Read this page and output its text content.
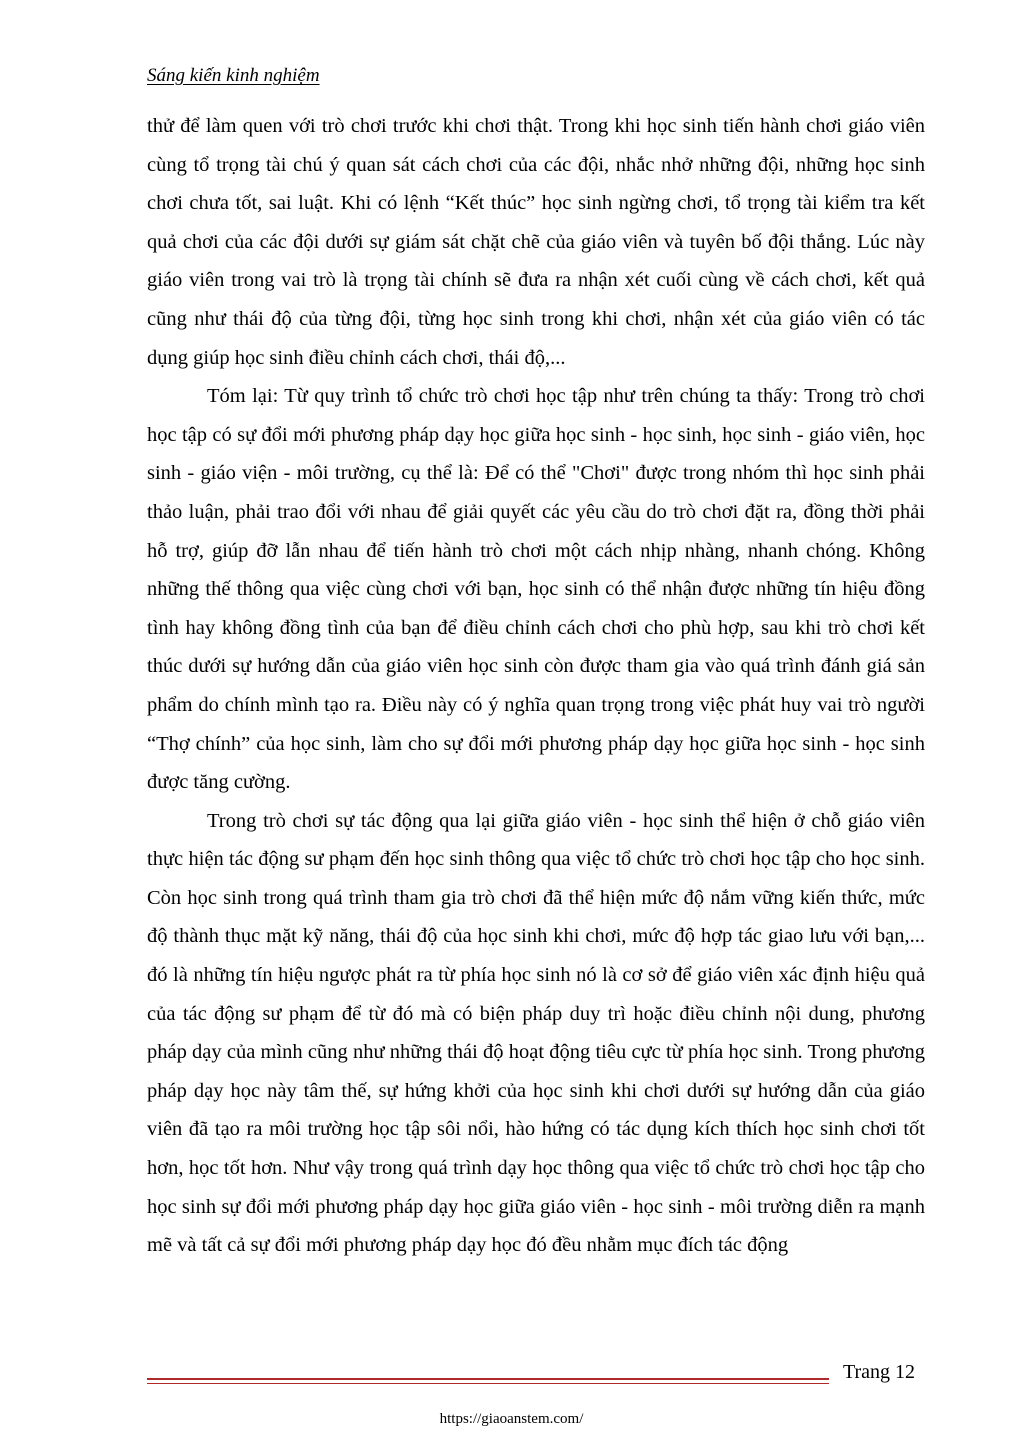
Sáng kiến kinh nghiệm

thử để làm quen với trò chơi trước khi chơi thật. Trong khi học sinh tiến hành chơi giáo viên cùng tổ trọng tài chú ý quan sát cách chơi của các đội, nhắc nhở những đội, những học sinh chơi chưa tốt, sai luật. Khi có lệnh “Kết thúc” học sinh ngừng chơi, tổ trọng tài kiểm tra kết quả chơi của các đội dưới sự giám sát chặt chẽ của giáo viên và tuyên bố đội thắng. Lúc này giáo viên trong vai trò là trọng tài chính sẽ đưa ra nhận xét cuối cùng về cách chơi, kết quả cũng như thái độ của từng đội, từng học sinh trong khi chơi, nhận xét của giáo viên có tác dụng giúp học sinh điều chỉnh cách chơi, thái độ,...

Tóm lại: Từ quy trình tổ chức trò chơi học tập như trên chúng ta thấy: Trong trò chơi học tập có sự đổi mới phương pháp dạy học giữa học sinh - học sinh, học sinh - giáo viên, học sinh - giáo viện - môi trường, cụ thể là: Để có thể "Chơi" được trong nhóm thì học sinh phải thảo luận, phải trao đổi với nhau để giải quyết các yêu cầu do trò chơi đặt ra, đồng thời phải hỗ trợ, giúp đỡ lẫn nhau để tiến hành trò chơi một cách nhịp nhàng, nhanh chóng. Không những thế thông qua việc cùng chơi với bạn, học sinh có thể nhận được những tín hiệu đồng tình hay không đồng tình của bạn để điều chỉnh cách chơi cho phù hợp, sau khi trò chơi kết thúc dưới sự hướng dẫn của giáo viên học sinh còn được tham gia vào quá trình đánh giá sản phẩm do chính mình tạo ra. Điều này có ý nghĩa quan trọng trong việc phát huy vai trò người “Thợ chính” của học sinh, làm cho sự đổi mới phương pháp dạy học giữa học sinh - học sinh được tăng cường.

Trong trò chơi sự tác động qua lại giữa giáo viên - học sinh thể hiện ở chỗ giáo viên thực hiện tác động sư phạm đến học sinh thông qua việc tổ chức trò chơi học tập cho học sinh. Còn học sinh trong quá trình tham gia trò chơi đã thể hiện mức độ nắm vững kiến thức, mức độ thành thục mặt kỹ năng, thái độ của học sinh khi chơi, mức độ hợp tác giao lưu với bạn,... đó là những tín hiệu ngược phát ra từ phía học sinh nó là cơ sở để giáo viên xác định hiệu quả của tác động sư phạm để từ đó mà có biện pháp duy trì hoặc điều chỉnh nội dung, phương pháp dạy của mình cũng như những thái độ hoạt động tiêu cực từ phía học sinh. Trong phương pháp dạy học này tâm thế, sự hứng khởi của học sinh khi chơi dưới sự hướng dẫn của giáo viên đã tạo ra môi trường học tập sôi nổi, hào hứng có tác dụng kích thích học sinh chơi tốt hơn, học tốt hơn. Như vậy trong quá trình dạy học thông qua việc tổ chức trò chơi học tập cho học sinh sự đổi mới phương pháp dạy học giữa giáo viên - học sinh - môi trường diễn ra mạnh mẽ và tất cả sự đổi mới phương pháp dạy học đó đều nhằm mục đích tác động

Trang 12
https://giaoanstem.com/
